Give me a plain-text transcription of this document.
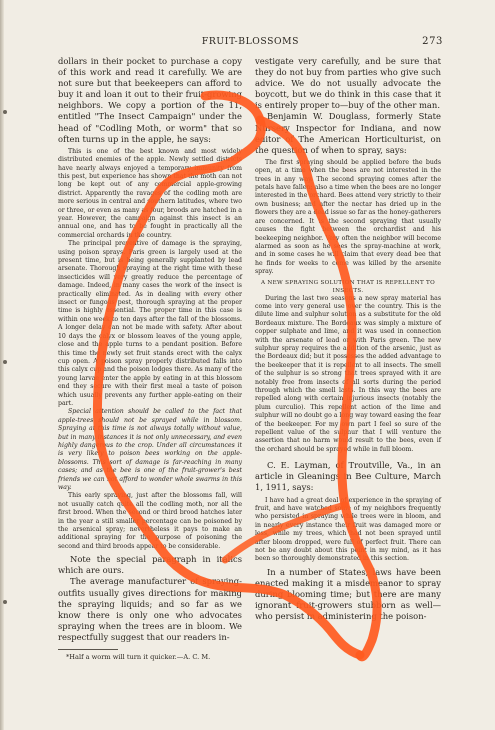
FRUIT-BLOSSOMS	273

dollars in their pocket to purchase a copy of this work and read it carefully. We are not sure but that beekeepers can afford to buy it and loan it out to their fruit-growing neighbors. We copy a portion of the 11, entitled "The Insect Campaign" under the head of "Codling Moth, or worm" that so often turns up in the apple, he says:

This is one of the best known and most widely distributed enemies of the apple. Newly settled districts have nearly always enjoyed a temporary immunity from this pest, but experience has shown that the moth can not long be kept out of any commercial apple-growing district. Apparently the ravages of the codling moth are more serious in central and southern latitudes, where two or three, or even as many as four, broods are hatched in a year. However, the campaign against this insect is an annual one, and has to be fought in practically all the commercial orchards in the country.

The principal preventive of damage is the spraying, using poison sprays. Paris green is largely used at the present time, but is being generally supplanted by lead arsenate. Thorough spraying at the right time with these insecticides will very greatly reduce the percentage of damage. Indeed, in many cases the work of the insect is practically eliminated. As in dealing with every other insect or fungous pest, thorough spraying at the proper time is highly essential. The proper time in this case is within one week to ten days after the fall of the blossoms. A longer delay can not be made with safety. After about 10 days the calyx or blossom leaves of the young apple, close and the apple turns to a pendant position. Before this time the newly set fruit stands erect with the calyx cup open. A poison spray properly distributed falls into this calyx cup and the poison lodges there. As many of the young larvae enter the apple by eating in at this blossom end they secure with their first meal a taste of poison which usually prevents any further apple-eating on their part.

Special attention should be called to the fact that apple-trees should not be sprayed while in blossom. Spraying at this time is not always totally without value, but in many instances it is not only unnecessary, and even highly dangerous to the crop. Under all circumstances it is very likely to poison bees working on the apple-blossoms. This sort of damage is far-reaching in many cases; and as the bee is one of the fruit-grower's best friends we can not afford to wonder whole swarms in this way.

This early spraying, just after the blossoms fall, will not usually catch quite all the codling moth, nor all the first brood. When the second or third brood hatches later in the year a still smaller percentage can be poisoned by the arsenical spray; nevertheless it pays to make an additional spraying for the purpose of poisoning the second and third broods appear to be considerable.

Note the special paragraph in italics which are ours.

The average manufacturer of spraying-outfits usually gives directions for making the spraying liquids; and so far as we know there is only one who advocates spraying when the trees are in bloom. We respectfully suggest that our readers in-

*Half a worm will turn it quicker.—A. C. M.

vestigate very carefully, and be sure that they do not buy from parties who give such advice. We do not usually advocate the boycott, but we do think in this case that it is entirely proper to—buy of the other man.

Benjamin W. Douglass, formerly State Nursery Inspector for Indiana, and now editor of The American Horticulturist, on the question of when to spray, says:

The first spraying should be applied before the buds open, at a time when the bees are not interested in the trees in any way. The second spraying comes after the petals have fallen; also a time when the bees are no longer interested in the orchard. Bees attend very strictly to their own business; and after the nectar has dried up in the flowers they are a dead issue so far as the honey-gatherers are concerned. It is the second spraying that usually causes the fight between the orchardist and his beekeeping neighbor. Very often the neighbor will become alarmed as soon as he sees the spray-machine at work, and in some cases he will claim that every dead bee that he finds for weeks to come was killed by the arsenite spray.

A NEW SPRAYING SOLUTION THAT IS REPELLENT TO INSECTS.

During the last two seasons a new spray material has come into very general use over the country. This is the dilute lime and sulphur solution as a substitute for the old Bordeaux mixture. The Bordeaux was simply a mixture of copper sulphate and lime, and it was used in connection with the arsenate of lead or with Paris green. The new sulphur spray requires the addition of the arsenic, just as the Bordeaux did; but it possesses the added advantage to the beekeeper that it is repellent to all insects. The smell of the sulphur is so strong that trees sprayed with it are notably free from insects of all sorts during the period through which the smell lasts. In this way the bees are repelled along with certain injurious insects (notably the plum curculio). This repellent action of the lime and sulphur will no doubt go a long way toward easing the fear of the beekeeper. For my own part I feel so sure of the repellent value of the sulphur that I will venture the assertion that no harm would result to the bees, even if the orchard should be sprayed while in full bloom.

C. E. Layman, of Troutville, Va., in an article in Gleanings in Bee Culture, March 1, 1911, says:

I have had a great deal of experience in the spraying of fruit, and have watched some of my neighbors frequently who persisted in spraying while trees were in bloom, and in nearly every instance their fruit was damaged more or less, while my trees, which had not been sprayed until after bloom dropped, were full of perfect fruit. There can not be any doubt about this point in my mind, as it has been so thoroughly demonstrated in this section.

In a number of States, laws have been enacted making it a misdemeanor to spray during blooming time; but there are many ignorant fruit-growers stubborn as well—who persist in administering the poison-
